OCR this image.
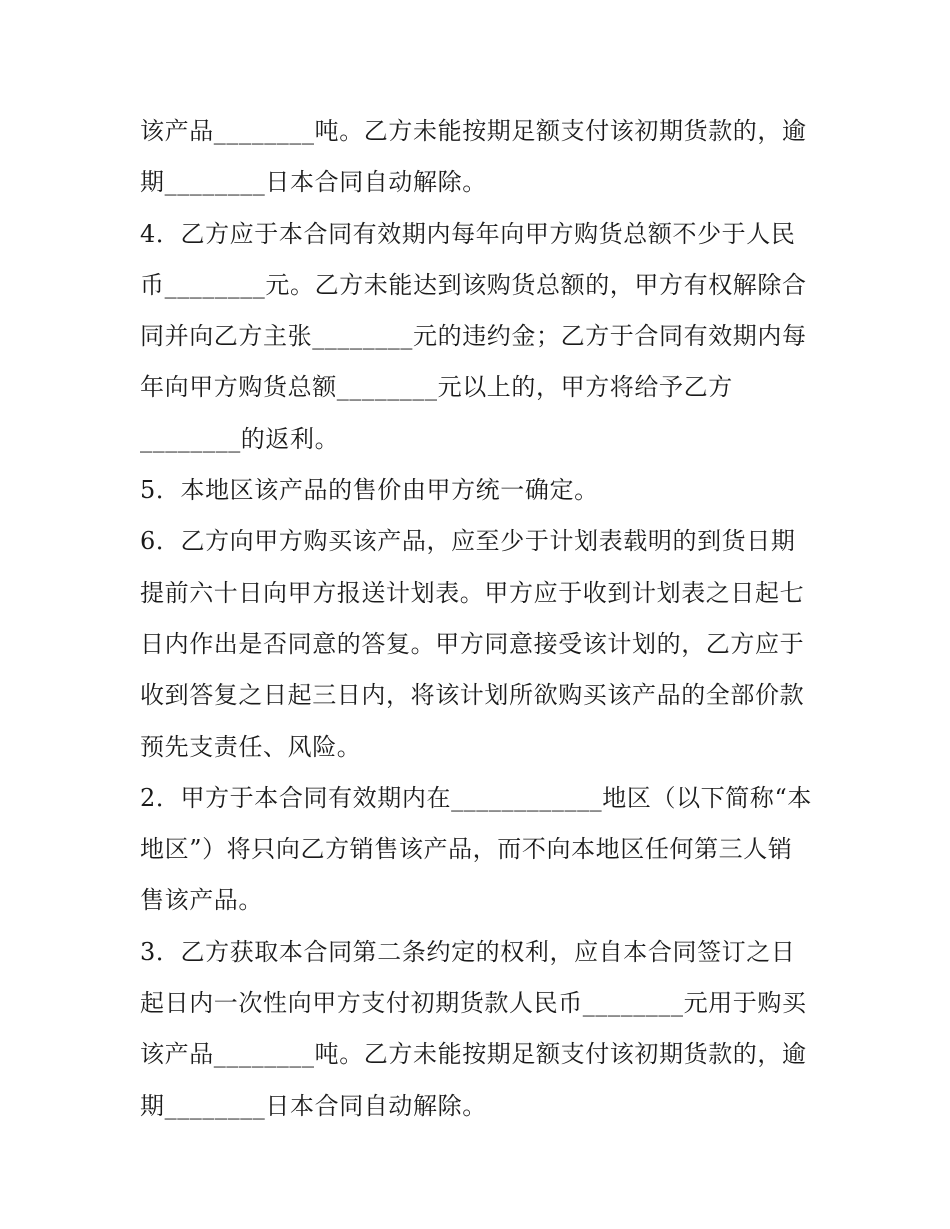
该产品________吨。乙方未能按期足额支付该初期货款的，逾
期________日本合同自动解除。
4．乙方应于本合同有效期内每年向甲方购货总额不少于人民
币________元。乙方未能达到该购货总额的，甲方有权解除合
同并向乙方主张________元的违约金；乙方于合同有效期内每
年向甲方购货总额________元以上的，甲方将给予乙方
________的返利。
5．本地区该产品的售价由甲方统一确定。
6．乙方向甲方购买该产品，应至少于计划表载明的到货日期
提前六十日向甲方报送计划表。甲方应于收到计划表之日起七
日内作出是否同意的答复。甲方同意接受该计划的，乙方应于
收到答复之日起三日内，将该计划所欲购买该产品的全部价款
预先支责任、风险。
2．甲方于本合同有效期内在____________地区（以下简称“本
地区”）将只向乙方销售该产品，而不向本地区任何第三人销
售该产品。
3．乙方获取本合同第二条约定的权利，应自本合同签订之日
起日内一次性向甲方支付初期货款人民币________元用于购买
该产品________吨。乙方未能按期足额支付该初期货款的，逾
期________日本合同自动解除。
